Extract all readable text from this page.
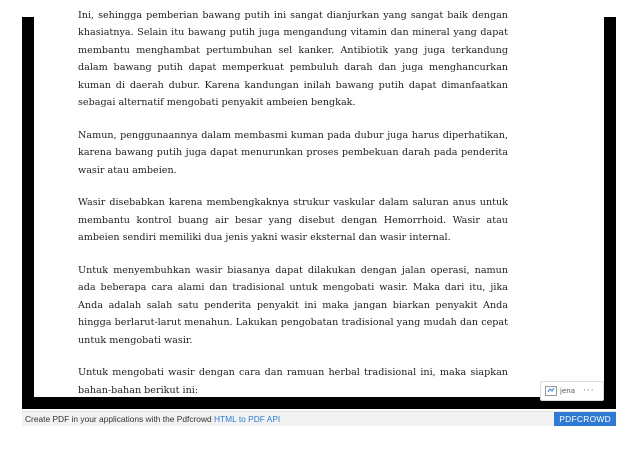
Ini, sehingga pemberian bawang putih ini sangat dianjurkan yang sangat baik dengan khasiatnya. Selain itu bawang putih juga mengandung vitamin dan mineral yang dapat membantu menghambat pertumbuhan sel kanker. Antibiotik yang juga terkandung dalam bawang putih dapat memperkuat pembuluh darah dan juga menghancurkan kuman di daerah dubur. Karena kandungan inilah bawang putih dapat dimanfaatkan sebagai alternatif mengobati penyakit ambeien bengkak.

Namun, penggunaannya dalam membasmi kuman pada dubur juga harus diperhatikan, karena bawang putih juga dapat menurunkan proses pembekuan darah pada penderita wasir atau ambeien.

Wasir disebabkan karena membengkaknya strukur vaskular dalam saluran anus untuk membantu kontrol buang air besar yang disebut dengan Hemorrhoid. Wasir atau ambeien sendiri memiliki dua jenis yakni wasir eksternal dan wasir internal.

Untuk menyembuhkan wasir biasanya dapat dilakukan dengan jalan operasi, namun ada beberapa cara alami dan tradisional untuk mengobati wasir. Maka dari itu, jika Anda adalah salah satu penderita penyakit ini maka jangan biarkan penyakit Anda hingga berlarut-larut menahun. Lakukan pengobatan tradisional yang mudah dan cepat untuk mengobati wasir.

Untuk mengobati wasir dengan cara dan ramuan herbal tradisional ini, maka siapkan bahan-bahan berikut ini:	jena ···
Create PDF in your applications with the Pdfcrowd HTML to PDF API	PDFCROWD
